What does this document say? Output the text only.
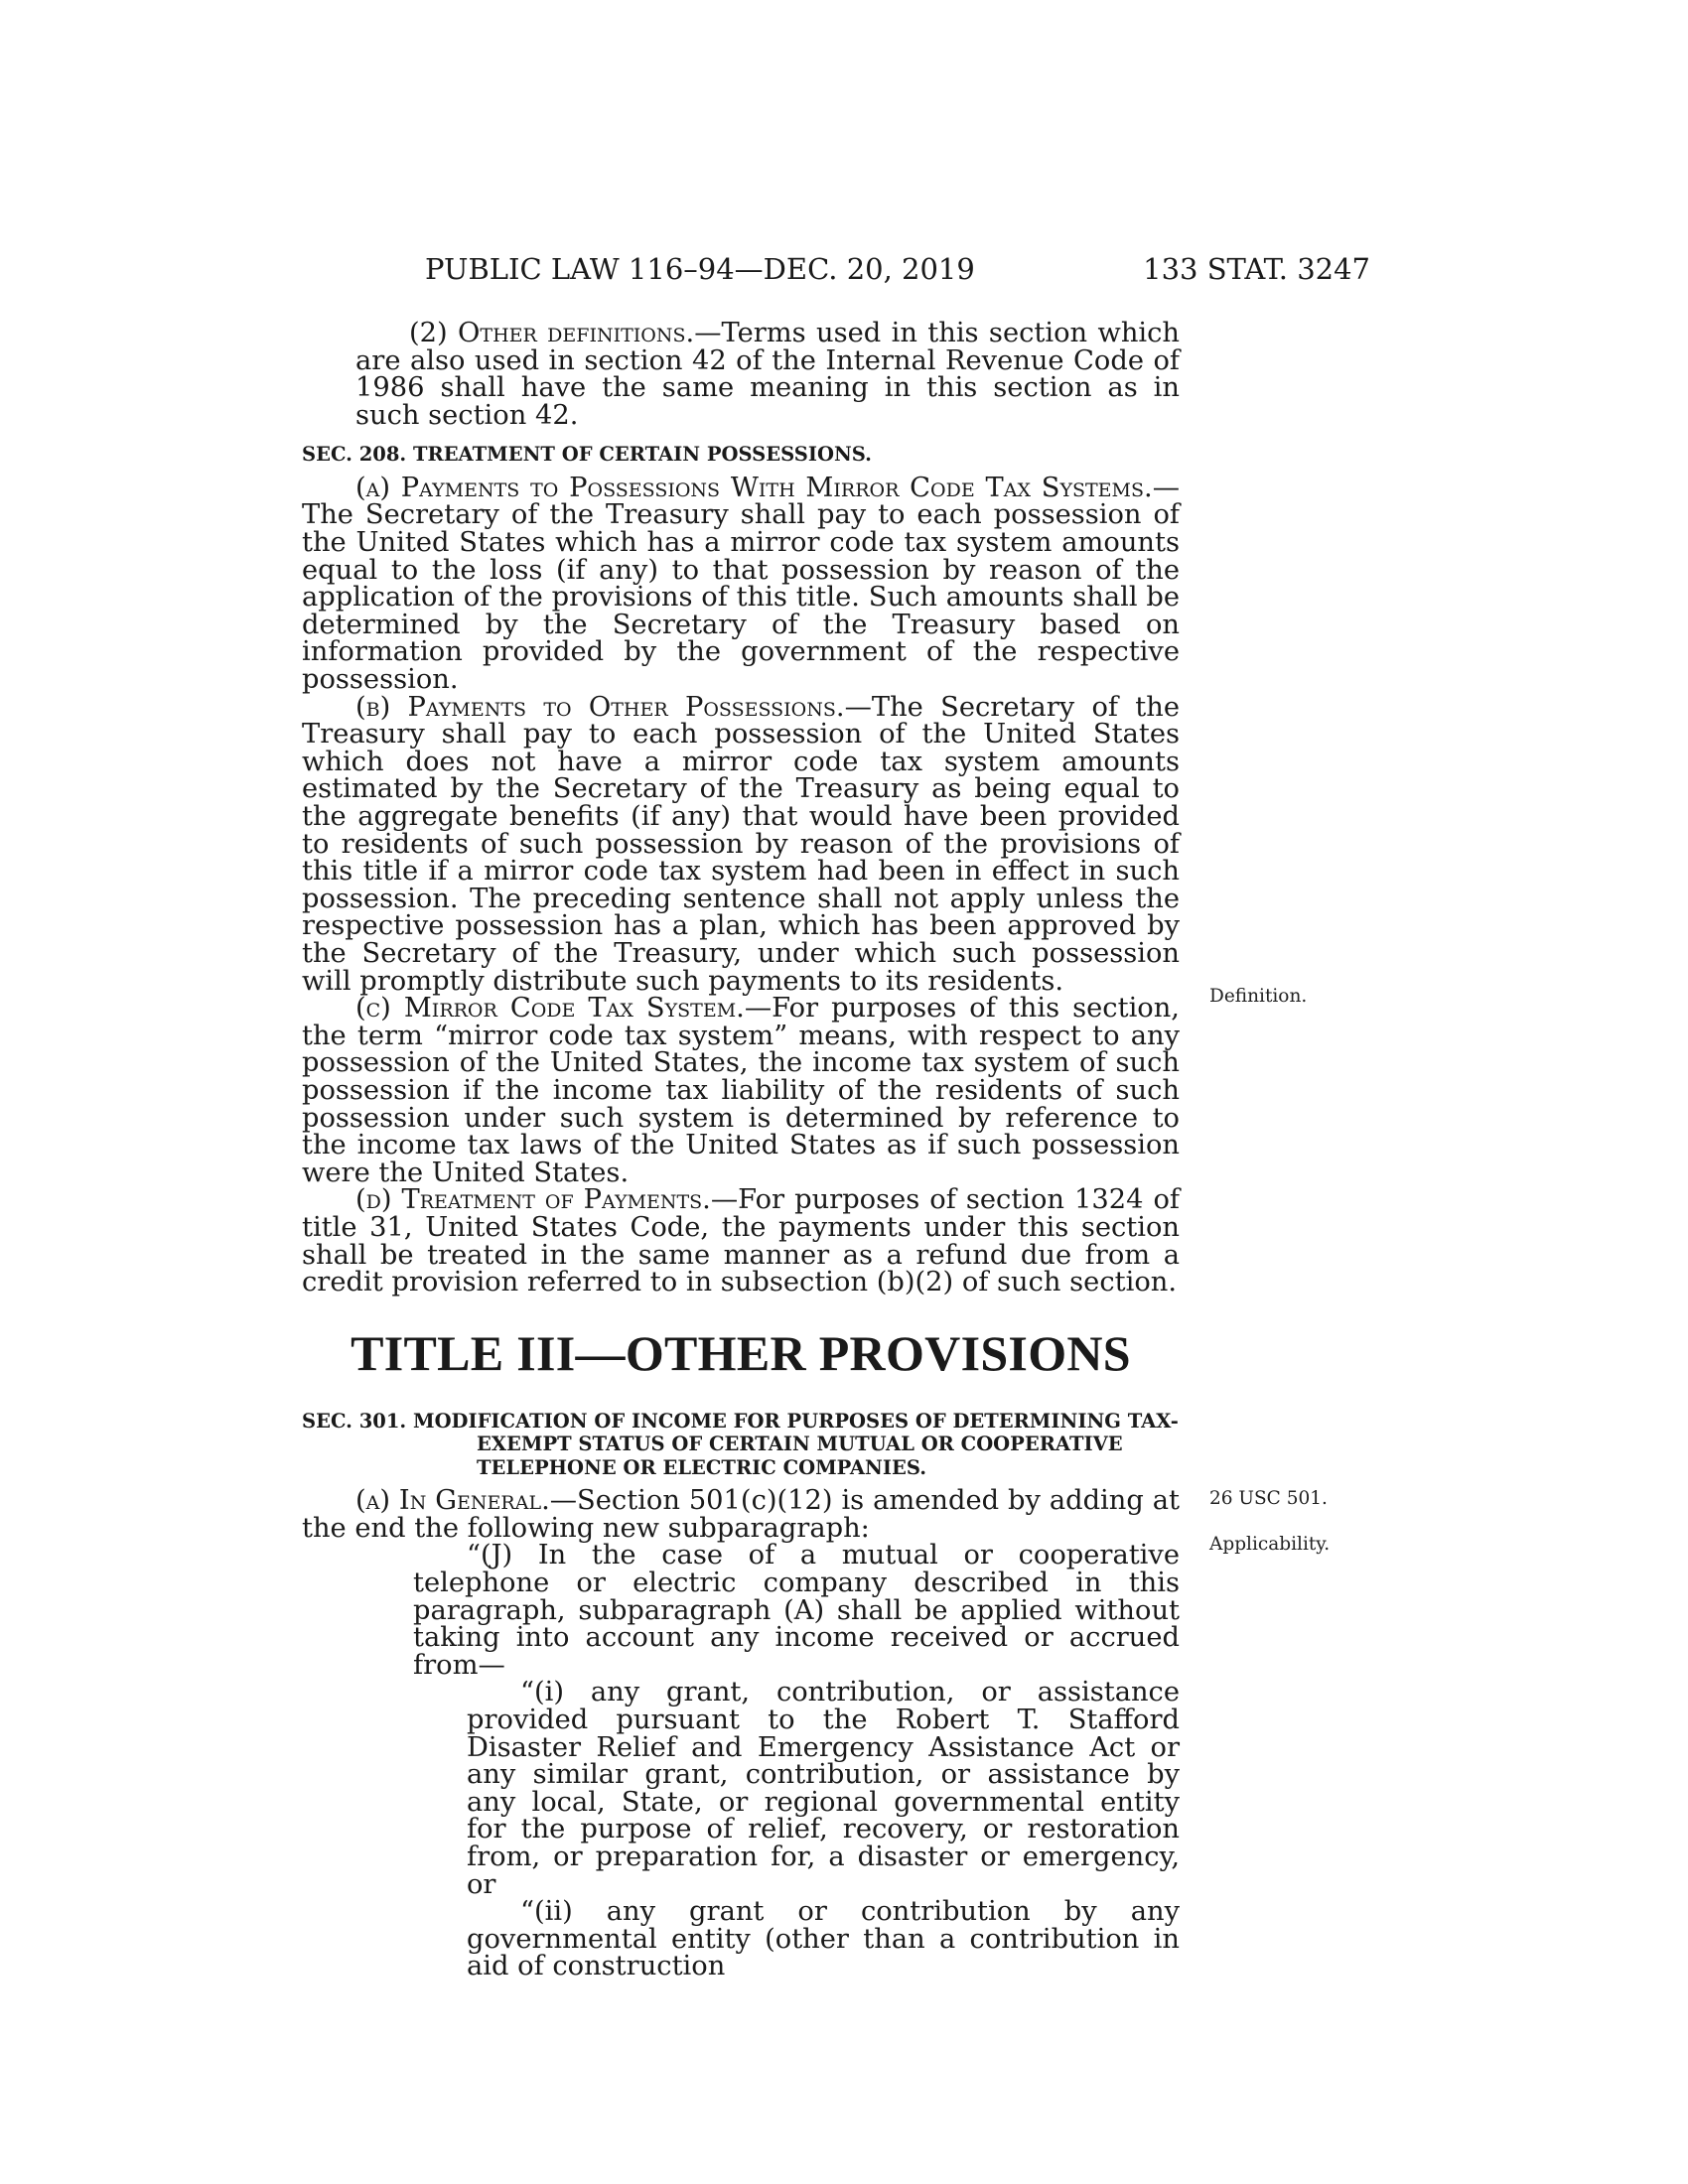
PUBLIC LAW 116–94—DEC. 20, 2019	133 STAT. 3247

(2) Other definitions.—Terms used in this section which are also used in section 42 of the Internal Revenue Code of 1986 shall have the same meaning in this section as in such section 42.

SEC. 208. TREATMENT OF CERTAIN POSSESSIONS.

(a) Payments to Possessions With Mirror Code Tax Systems.—The Secretary of the Treasury shall pay to each possession of the United States which has a mirror code tax system amounts equal to the loss (if any) to that possession by reason of the application of the provisions of this title. Such amounts shall be determined by the Secretary of the Treasury based on information provided by the government of the respective possession.

(b) Payments to Other Possessions.—The Secretary of the Treasury shall pay to each possession of the United States which does not have a mirror code tax system amounts estimated by the Secretary of the Treasury as being equal to the aggregate benefits (if any) that would have been provided to residents of such possession by reason of the provisions of this title if a mirror code tax system had been in effect in such possession. The preceding sentence shall not apply unless the respective possession has a plan, which has been approved by the Secretary of the Treasury, under which such possession will promptly distribute such payments to its residents.

(c) Mirror Code Tax System.—For purposes of this section, the term “mirror code tax system” means, with respect to any possession of the United States, the income tax system of such possession if the income tax liability of the residents of such possession under such system is determined by reference to the income tax laws of the United States as if such possession were the United States.

(d) Treatment of Payments.—For purposes of section 1324 of title 31, United States Code, the payments under this section shall be treated in the same manner as a refund due from a credit provision referred to in subsection (b)(2) of such section.

TITLE III—OTHER PROVISIONS

SEC. 301. MODIFICATION OF INCOME FOR PURPOSES OF DETERMINING TAX-EXEMPT STATUS OF CERTAIN MUTUAL OR COOPERATIVE TELEPHONE OR ELECTRIC COMPANIES.

(a) In General.—Section 501(c)(12) is amended by adding at the end the following new subparagraph:

“(J) In the case of a mutual or cooperative telephone or electric company described in this paragraph, subparagraph (A) shall be applied without taking into account any income received or accrued from—

“(i) any grant, contribution, or assistance provided pursuant to the Robert T. Stafford Disaster Relief and Emergency Assistance Act or any similar grant, contribution, or assistance by any local, State, or regional governmental entity for the purpose of relief, recovery, or restoration from, or preparation for, a disaster or emergency, or

“(ii) any grant or contribution by any governmental entity (other than a contribution in aid of construction

Definition.
26 USC 501.
Applicability.
